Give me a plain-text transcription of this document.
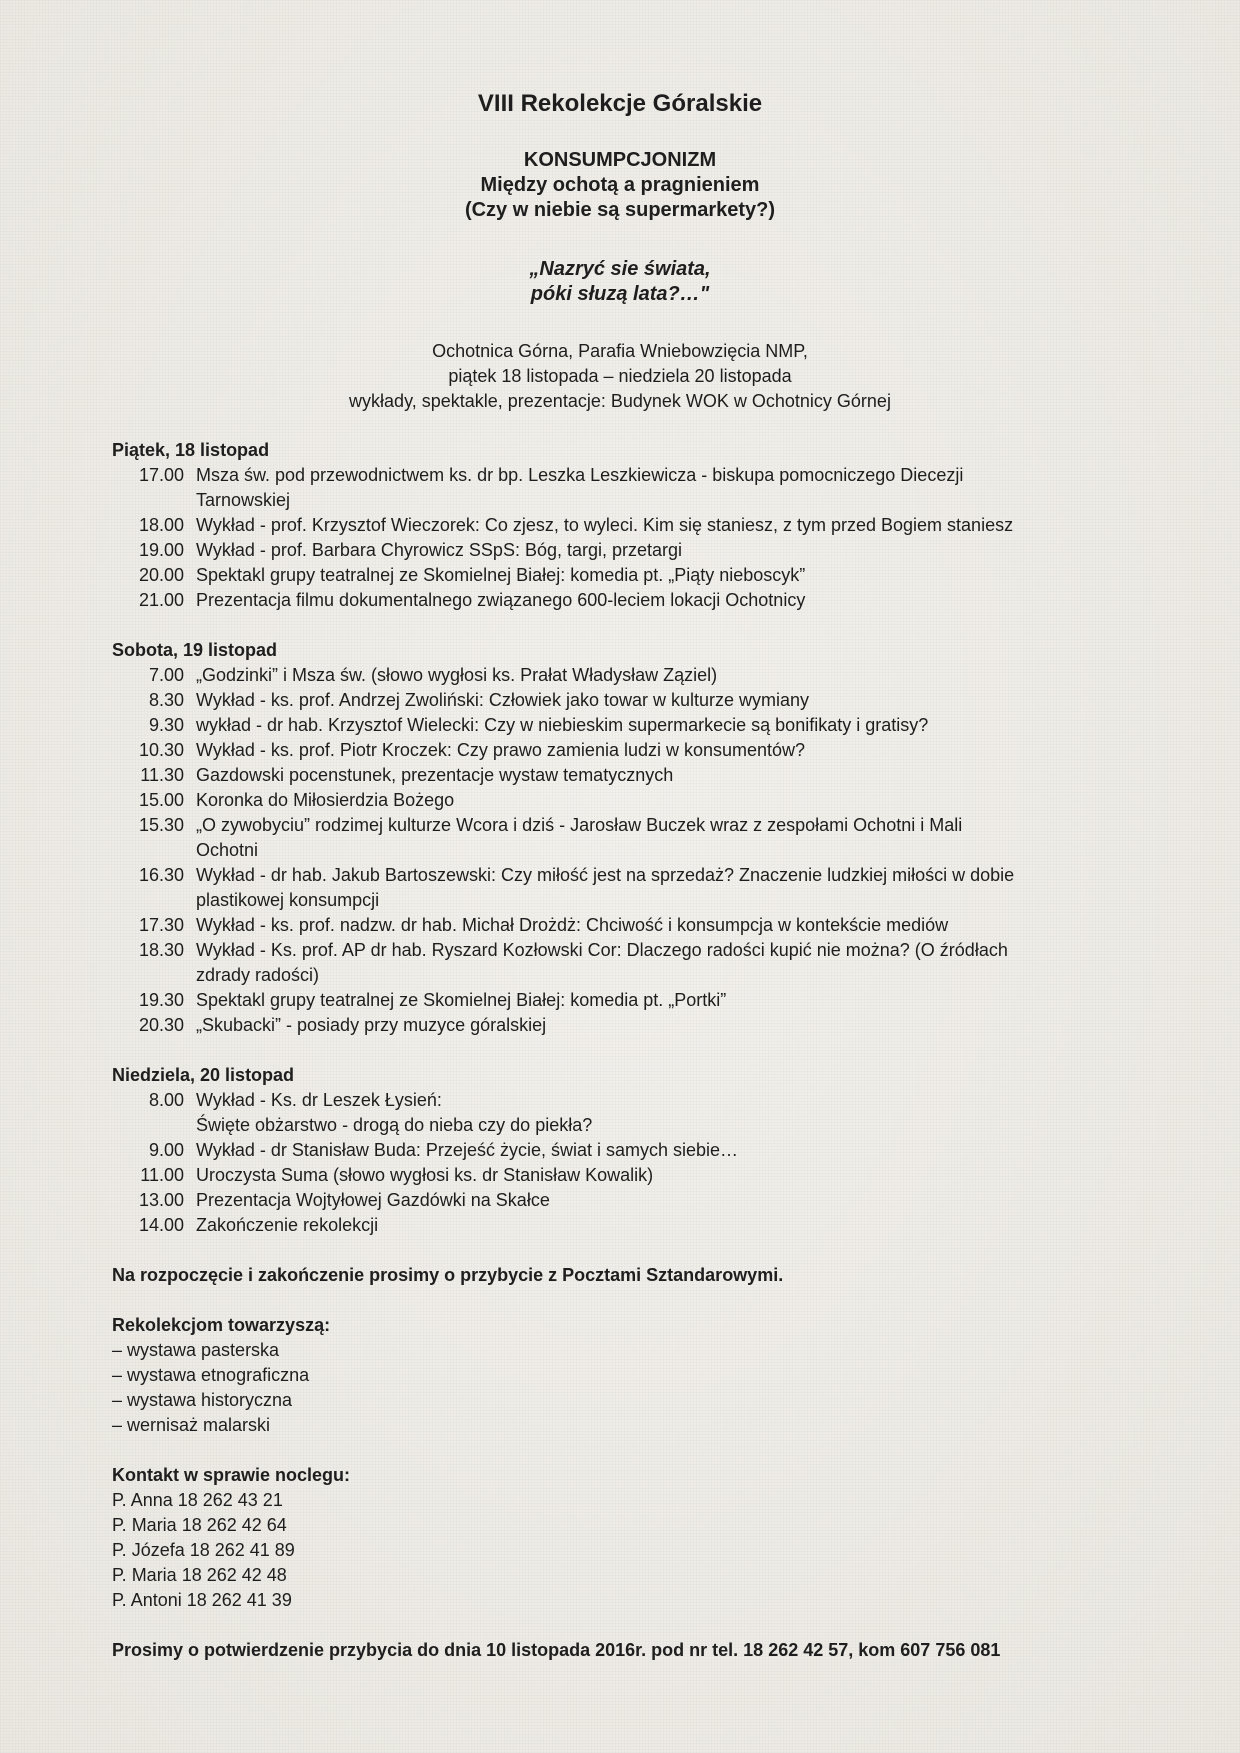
VIII Rekolekcje Góralskie
KONSUMPCJONIZM
Między ochotą a pragnieniem
(Czy w niebie są supermarkety?)
„Nazryć sie świata,
póki słuzą lata?…"
Ochotnica Górna, Parafia Wniebowzięcia NMP,
piątek 18 listopada – niedziela 20 listopada
wykłady, spektakle, prezentacje: Budynek WOK w Ochotnicy Górnej
Piątek, 18 listopad
17.00 Msza św. pod przewodnictwem ks. dr bp. Leszka Leszkiewicza - biskupa pomocniczego Diecezji
Tarnowskiej
18.00 Wykład - prof. Krzysztof Wieczorek: Co zjesz, to wyleci. Kim się staniesz, z tym przed Bogiem staniesz
19.00 Wykład - prof. Barbara Chyrowicz SSpS: Bóg, targi, przetargi
20.00 Spektakl grupy teatralnej ze Skomielnej Białej: komedia pt. „Piąty nieboscyk”
21.00 Prezentacja filmu dokumentalnego związanego 600-leciem lokacji Ochotnicy
Sobota, 19 listopad
7.00 „Godzinki” i Msza św. (słowo wygłosi ks. Prałat Władysław Ząziel)
8.30 Wykład - ks. prof. Andrzej Zwoliński: Człowiek jako towar w kulturze wymiany
9.30 wykład - dr hab. Krzysztof Wielecki: Czy w niebieskim supermarkecie są bonifikaty i gratisy?
10.30 Wykład - ks. prof. Piotr Kroczek: Czy prawo zamienia ludzi w konsumentów?
11.30 Gazdowski pocenstunek, prezentacje wystaw tematycznych
15.00 Koronka do Miłosierdzia Bożego
15.30 „O zywobyciu” rodzimej kulturze Wcora i dziś - Jarosław Buczek wraz z zespołami Ochotni i Mali
Ochotni
16.30 Wykład - dr hab. Jakub Bartoszewski: Czy miłość jest na sprzedaż? Znaczenie ludzkiej miłości w dobie
plastikowej konsumpcji
17.30 Wykład - ks. prof. nadzw. dr hab. Michał Drożdż: Chciwość i konsumpcja w kontekście mediów
18.30 Wykład - Ks. prof. AP dr hab. Ryszard Kozłowski Cor: Dlaczego radości kupić nie można? (O źródłach
zdrady radości)
19.30 Spektakl grupy teatralnej ze Skomielnej Białej: komedia pt. „Portki”
20.30 „Skubacki” - posiady przy muzyce góralskiej
Niedziela, 20 listopad
8.00 Wykład - Ks. dr Leszek Łysień:
Święte obżarstwo - drogą do nieba czy do piekła?
9.00 Wykład - dr Stanisław Buda: Przejeść życie, świat i samych siebie…
11.00 Uroczysta Suma (słowo wygłosi ks. dr Stanisław Kowalik)
13.00 Prezentacja Wojtyłowej Gazdówki na Skałce
14.00 Zakończenie rekolekcji
Na rozpoczęcie i zakończenie prosimy o przybycie z Pocztami Sztandarowymi.
Rekolekcjom towarzyszą:
– wystawa pasterska
– wystawa etnograficzna
– wystawa historyczna
– wernisaż malarski
Kontakt w sprawie noclegu:
P. Anna 18 262 43 21
P. Maria 18 262 42 64
P. Józefa 18 262 41 89
P. Maria 18 262 42 48
P. Antoni 18 262 41 39
Prosimy o potwierdzenie przybycia do dnia 10 listopada 2016r. pod nr tel. 18 262 42 57, kom 607 756 081
